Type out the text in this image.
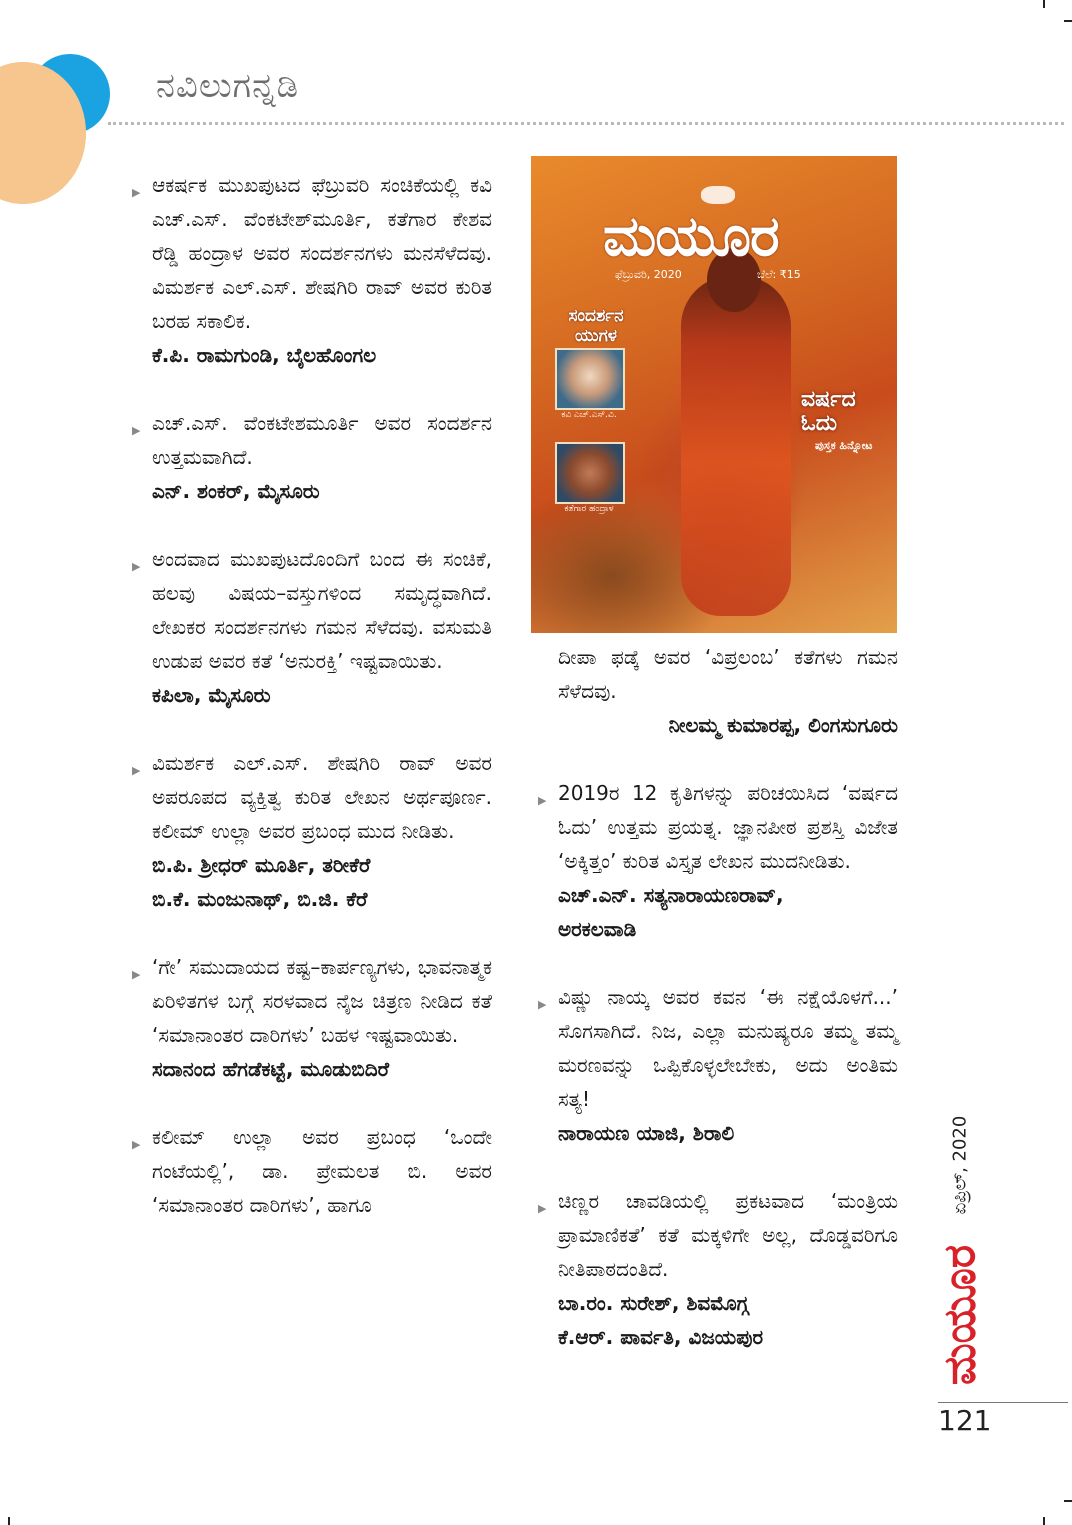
ನವಿಲುಗನ್ನಡಿ
▶ ಆಕರ್ಷಕ ಮುಖಪುಟದ ಫೆಬ್ರುವರಿ ಸಂಚಿಕೆಯಲ್ಲಿ ಕವಿ ಎಚ್.ಎಸ್. ವೆಂಕಟೇಶ್‌ಮೂರ್ತಿ, ಕತೆಗಾರ ಕೇಶವ ರೆಡ್ಡಿ ಹಂದ್ರಾಳ ಅವರ ಸಂದರ್ಶನಗಳು ಮನಸೆಳೆದವು. ವಿಮರ್ಶಕ ಎಲ್.ಎಸ್. ಶೇಷಗಿರಿ ರಾವ್ ಅವರ ಕುರಿತ ಬರಹ ಸಕಾಲಿಕ.

ಕೆ.ಪಿ. ರಾಮಗುಂಡಿ, ಬೈಲಹೊಂಗಲ

▶ ಎಚ್.ಎಸ್. ವೆಂಕಟೇಶಮೂರ್ತಿ ಅವರ ಸಂದರ್ಶನ ಉತ್ತಮವಾಗಿದೆ.

ಎನ್. ಶಂಕರ್, ಮೈಸೂರು

▶ ಅಂದವಾದ ಮುಖಪುಟದೊಂದಿಗೆ ಬಂದ ಈ ಸಂಚಿಕೆ, ಹಲವು ವಿಷಯ–ವಸ್ತುಗಳಿಂದ ಸಮೃದ್ಧವಾಗಿದೆ. ಲೇಖಕರ ಸಂದರ್ಶನಗಳು ಗಮನ ಸೆಳೆದವು. ವಸುಮತಿ ಉಡುಪ ಅವರ ಕತೆ ‘ಅನುರಕ್ತಿ’ ಇಷ್ಟವಾಯಿತು.

ಕಪಿಲಾ, ಮೈಸೂರು

▶ ವಿಮರ್ಶಕ ಎಲ್.ಎಸ್. ಶೇಷಗಿರಿ ರಾವ್ ಅವರ ಅಪರೂಪದ ವ್ಯಕ್ತಿತ್ವ ಕುರಿತ ಲೇಖನ ಅರ್ಥಪೂರ್ಣ. ಕಲೀಮ್ ಉಲ್ಲಾ ಅವರ ಪ್ರಬಂಧ ಮುದ ನೀಡಿತು.

ಬಿ.ಪಿ. ಶ್ರೀಧರ್ ಮೂರ್ತಿ, ತರೀಕೆರೆ

ಬಿ.ಕೆ. ಮಂಜುನಾಥ್, ಬಿ.ಜಿ. ಕೆರೆ

▶ ‘ಗೇ’ ಸಮುದಾಯದ ಕಷ್ಟ–ಕಾರ್ಪಣ್ಯಗಳು, ಭಾವನಾತ್ಮಕ ಏರಿಳಿತಗಳ ಬಗ್ಗೆ ಸರಳವಾದ ನೈಜ ಚಿತ್ರಣ ನೀಡಿದ ಕತೆ ‘ಸಮಾನಾಂತರ ದಾರಿಗಳು’ ಬಹಳ ಇಷ್ಟವಾಯಿತು.

ಸದಾನಂದ ಹೆಗಡೆಕಟ್ಟೆ, ಮೂಡುಬಿದಿರೆ

▶ ಕಲೀಮ್ ಉಲ್ಲಾ ಅವರ ಪ್ರಬಂಧ ‘ಒಂದೇ ಗಂಟೆಯಲ್ಲಿ’, ಡಾ. ಪ್ರೇಮಲತ ಬಿ. ಅವರ ‘ಸಮಾನಾಂತರ ದಾರಿಗಳು’, ಹಾಗೂ

ಮಯೂರ
ಫೆಬ್ರುವರಿ, 2020	ಬೆಲೆ: ₹15
ಸಂದರ್ಶನ ಯುಗಳ
ಕವಿ ಎಚ್.ಎಸ್.ವಿ.
ಕತೆಗಾರ ಹಂದ್ರಾಳ
ವರ್ಷದ ಓದು
ಪುಸ್ತಕ ಹಿನ್ನೋಟ

ದೀಪಾ ಫಡ್ಕೆ ಅವರ ‘ವಿಪ್ರಲಂಬ’ ಕತೆಗಳು ಗಮನ ಸೆಳೆದವು.

ನೀಲಮ್ಮ ಕುಮಾರಪ್ಪ, ಲಿಂಗಸುಗೂರು

▶ 2019ರ 12 ಕೃತಿಗಳನ್ನು ಪರಿಚಯಿಸಿದ ‘ವರ್ಷದ ಓದು’ ಉತ್ತಮ ಪ್ರಯತ್ನ. ಜ್ಞಾನಪೀಠ ಪ್ರಶಸ್ತಿ ವಿಜೇತ ‘ಅಕ್ಕಿತ್ತಂ’ ಕುರಿತ ವಿಸ್ತೃತ ಲೇಖನ ಮುದನೀಡಿತು.

ಎಚ್.ಎನ್. ಸತ್ಯನಾರಾಯಣರಾವ್,

ಅರಕಲವಾಡಿ

▶ ವಿಷ್ಣು ನಾಯ್ಕ ಅವರ ಕವನ ‘ಈ ನಕ್ಷೆಯೊಳಗೆ...’ ಸೊಗಸಾಗಿದೆ. ನಿಜ, ಎಲ್ಲಾ ಮನುಷ್ಯರೂ ತಮ್ಮ ತಮ್ಮ ಮರಣವನ್ನು ಒಪ್ಪಿಕೊಳ್ಳಲೇಬೇಕು, ಅದು ಅಂತಿಮ ಸತ್ಯ!

ನಾರಾಯಣ ಯಾಜಿ, ಶಿರಾಲಿ

▶ ಚಿಣ್ಣರ ಚಾವಡಿಯಲ್ಲಿ ಪ್ರಕಟವಾದ ‘ಮಂತ್ರಿಯ ಪ್ರಾಮಾಣಿಕತೆ’ ಕತೆ ಮಕ್ಕಳಿಗೇ ಅಲ್ಲ, ದೊಡ್ಡವರಿಗೂ ನೀತಿಪಾಠದಂತಿದೆ.

ಬಾ.ರಂ. ಸುರೇಶ್, ಶಿವಮೊಗ್ಗ

ಕೆ.ಆರ್. ಪಾರ್ವತಿ, ವಿಜಯಪುರ

ಏಪ್ರಿಲ್, 2020
ಮಯೂರ
121
